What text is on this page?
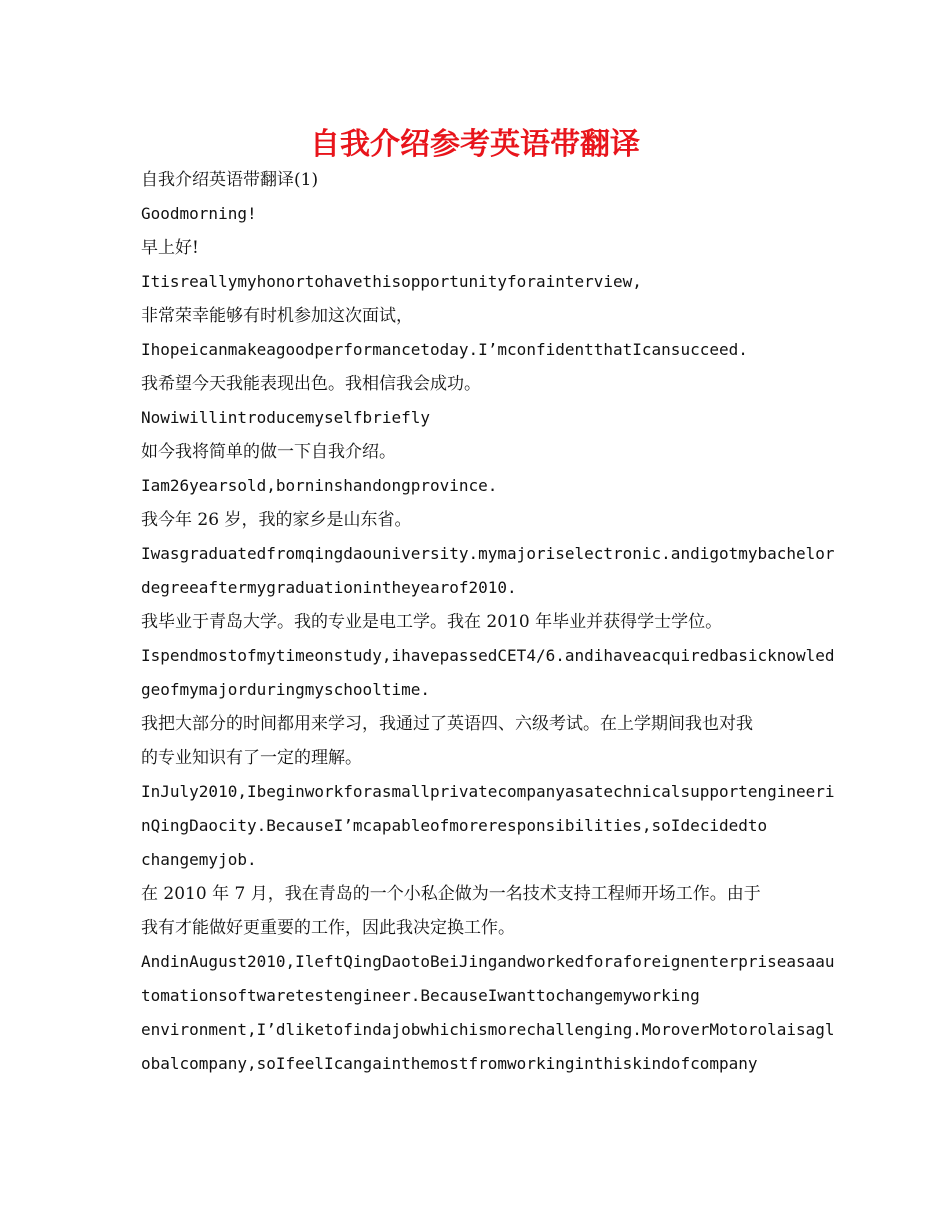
自我介绍参考英语带翻译
自我介绍英语带翻译(1)
Goodmorning!
早上好!
Itisreallymyhonortohavethisopportunityforainterview,
非常荣幸能够有时机参加这次面试，
Ihopeicanmakeagoodperformancetoday.I’mconfidentthatIcansucceed.
我希望今天我能表现出色。我相信我会成功。
Nowiwillintroducemyselfbriefly
如今我将简单的做一下自我介绍。
Iam26yearsold,borninshandongprovince.
我今年 26 岁，我的家乡是山东省。
Iwasgraduatedfromqingdaouniversity.mymajoriselectronic.andigotmybachelor
degreeaftermygraduationintheyearof2010.
我毕业于青岛大学。我的专业是电工学。我在 2010 年毕业并获得学士学位。
Ispendmostofmytimeonstudy,ihavepassedCET4/6.andihaveacquiredbasicknowled
geofmymajorduringmyschooltime.
我把大部分的时间都用来学习，我通过了英语四、六级考试。在上学期间我也对我
的专业知识有了一定的理解。
InJuly2010,Ibeginworkforasmallprivatecompanyasatechnicalsupportengineeri
nQingDaocity.BecauseI’mcapableofmoreresponsibilities,soIdecidedto
changemyjob.
在 2010 年 7 月，我在青岛的一个小私企做为一名技术支持工程师开场工作。由于
我有才能做好更重要的工作，因此我决定换工作。
AndinAugust2010,IleftQingDaotoBeiJingandworkedforaforeignenterpriseasaau
tomationsoftwaretestengineer.BecauseIwanttochangemyworking
environment,I’dliketofindajobwhichismorechallenging.MoroverMotorolaisagl
obalcompany,soIfeelIcangainthemostfromworkinginthiskindofcompany
